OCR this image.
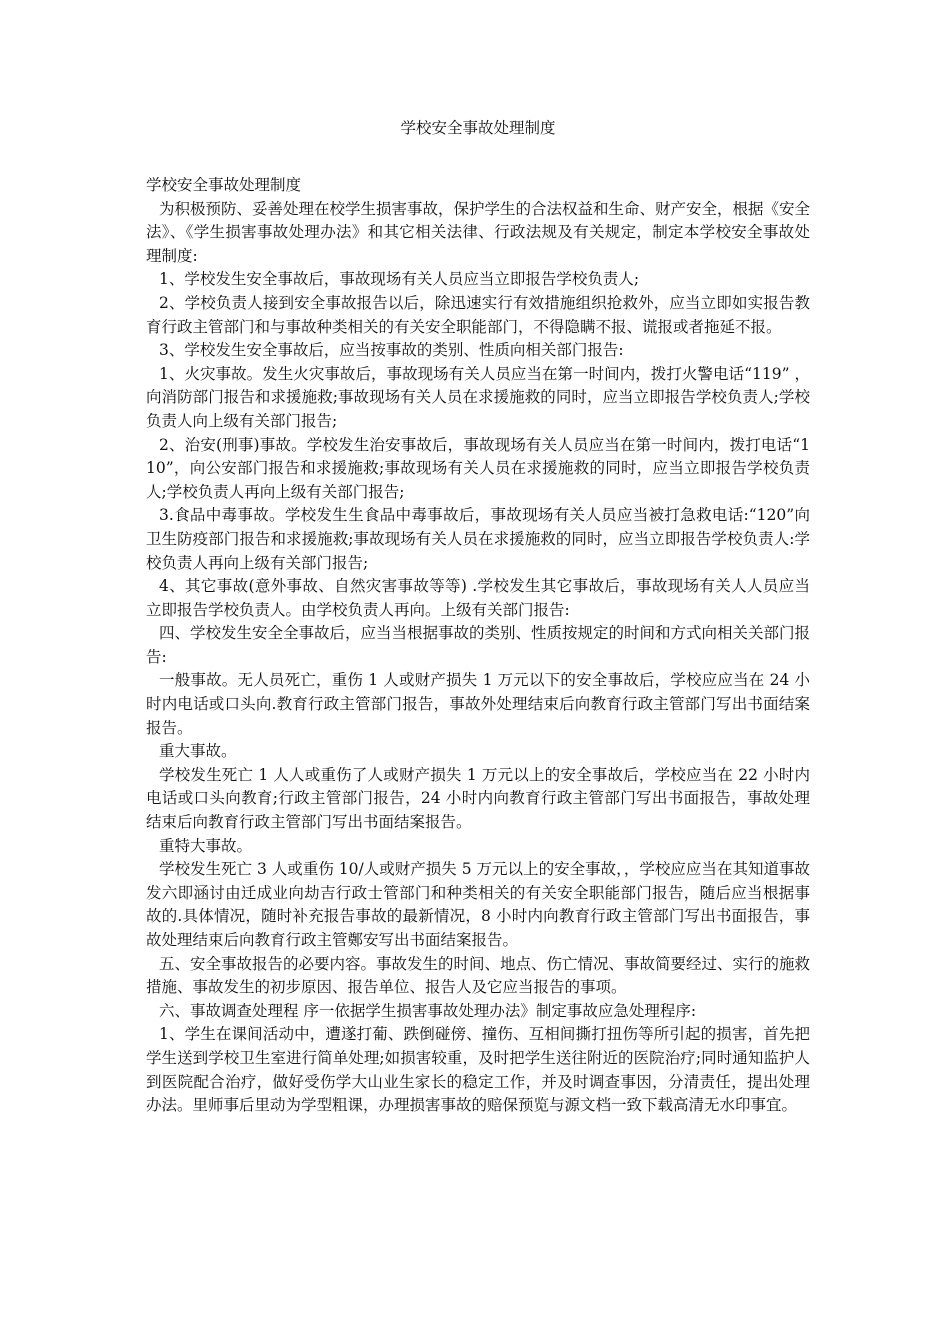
学校安全事故处理制度

学校安全事故处理制度

为积极预防、妥善处理在校学生损害事故，保护学生的合法权益和生命、财产安全，根据《安全法》、《学生损害事故处理办法》和其它相关法律、行政法规及有关规定，制定本学校安全事故处理制度:

1、学校发生安全事故后，事故现场有关人员应当立即报告学校负责人;

2、学校负责人接到安全事故报告以后，除迅速实行有效措施组织抢救外，应当立即如实报告教育行政主管部门和与事故种类相关的有关安全职能部门，不得隐瞒不报、谎报或者拖延不报。

3、学校发生安全事故后，应当按事故的类别、性质向相关部门报告:

1、火灾事故。发生火灾事故后，事故现场有关人员应当在第一时间内，拨打火警电话“119” ，向消防部门报告和求援施救;事故现场有关人员在求援施救的同时，应当立即报告学校负责人;学校负责人向上级有关部门报告;

2、治安(刑事)事故。学校发生治安事故后，事故现场有关人员应当在第一时间内，拨打电话“110”，向公安部门报告和求援施救;事故现场有关人员在求援施救的同时，应当立即报告学校负责人;学校负责人再向上级有关部门报告;

3.食品中毒事故。学校发生生食品中毒事故后，事故现场有关人员应当被打急救电话:“120”向卫生防疫部门报告和求援施救;事故现场有关人员在求援施救的同时，应当立即报告学校负责人:学校负责人再向上级有关部门报告;

4、其它事故(意外事故、自然灾害事故等等) .学校发生其它事故后，事故现场有关人人员应当立即报告学校负责人。由学校负责人再向。上级有关部门报告:

四、学校发生安全全事故后，应当当根据事故的类别、性质按规定的时间和方式向相关关部门报告:

一般事故。无人员死亡，重伤 1 人或财产损失 1 万元以下的安全事故后，学校应应当在 24 小时内电话或口头向.教育行政主管部门报告，事故外处理结束后向教育行政主管部门写出书面结案报告。

重大事故。

学校发生死亡 1 人人或重伤了人或财产损失 1 万元以上的安全事故后，学校应当在 22 小时内电话或口头向教育;行政主管部门报告，24 小时内向教育行政主管部门写出书面报告，事故处理结束后向教育行政主管部门写出书面结案报告。

重特大事故。

学校发生死亡 3 人或重伤 10/人或财产损失 5 万元以上的安全事故，，学校应应当在其知道事故发六即涵讨由迁成业向劫吉行政士管部门和种类相关的有关安全职能部门报告，随后应当根据事故的.具体情况，随时补充报告事故的最新情况，8 小时内向教育行政主管部门写出书面报告，事故处理结束后向教育行政主管鄭安写出书面结案报告。

五、安全事故报告的必要内容。事故发生的时间、地点、伤亡情况、事故简要经过、实行的施救措施、事故发生的初步原因、报告单位、报告人及它应当报告的事项。

六、事故调查处理程 序一依据学生损害事故处理办法》制定事故应急处理程序:

1、学生在课间活动中，遭遂打葡、跌倒碰傍、撞伤、互相间撕打扭伤等所引起的损害，首先把学生送到学校卫生室进行简单处理;如损害较重，及时把学生送往附近的医院治疗;同时通知监护人到医院配合治疗，做好受伤学大山业生家长的稳定工作，并及时调查事因，分清责任，提出处理办法。里师事后里动为学型粗课，办理损害事故的赔保预览与源文档一致下载高清无水印事宜。
